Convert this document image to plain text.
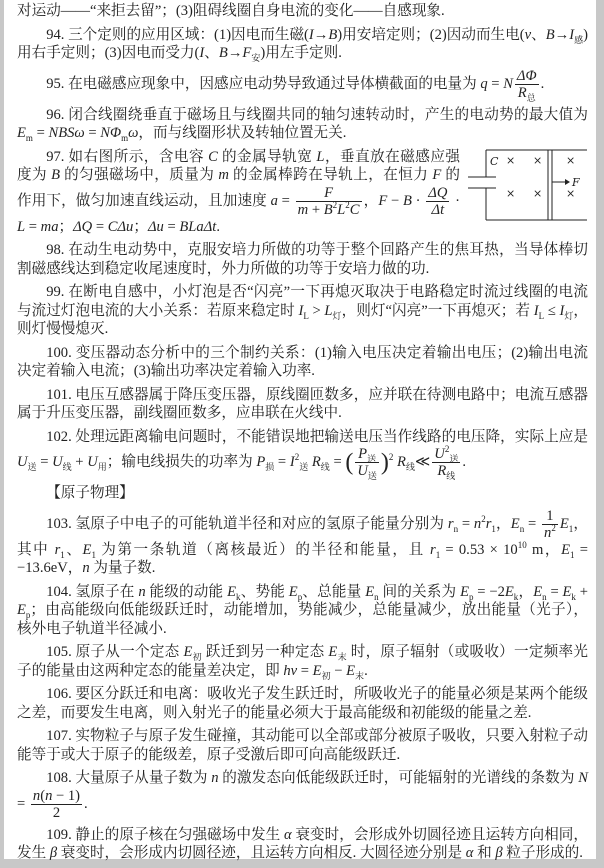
对运动——“来拒去留”；(3)阻碍线圈自身电流的变化——自感现象.

94. 三个定则的应用区域：(1)因电而生磁(I→B)用安培定则；(2)因动而生电(v、$B\to I_感$)用右手定则；(3)因电而受力(I、$B\to F_安$)用左手定则.

95. 在电磁感应现象中，因感应电动势导致通过导体横截面的电量为 q = N $\frac{\Delta\Phi}{R_总}$ .

96. 闭合线圈绕垂直于磁场且与线圈共同的轴匀速转动时，产生的电动势的最大值为 $E_m = NBS\omega = N\Phi_m\omega$，而与线圈形状及转轴位置无关.

C
F
× × ×
× × ×
97. 如右图所示，含电容 C 的金属导轨宽 L，垂直放在磁感应强度为 B 的匀强磁场中，质量为 m 的金属棒跨在导轨上，在恒力 F 的作用下，做匀加速直线运动，且加速度 $a = \frac{F}{m + B^2L^2C}$ ，$F - B \cdot \frac{\Delta Q}{\Delta t} \cdot L$ = ma；ΔQ = CΔu；Δu = BLaΔt.

98. 在动生电动势中，克服安培力所做的功等于整个回路产生的焦耳热，当导体棒切割磁感线达到稳定收尾速度时，外力所做的功等于安培力做的功.

99. 在断电自感中，小灯泡是否“闪亮”一下再熄灭取决于电路稳定时流过线圈的电流与流过灯泡电流的大小关系：若原来稳定时 $I_L > L_灯$，则灯“闪亮”一下再熄灭；若 $I_L \le I_灯$，则灯慢慢熄灭.

100. 变压器动态分析中的三个制约关系：(1)输入电压决定着输出电压；(2)输出电流决定着输入电流；(3)输出功率决定着输入功率.

101. 电压互感器属于降压变压器，原线圈匝数多，应并联在待测电路中；电流互感器属于升压变压器，副线圈匝数多，应串联在火线中.

102. 处理远距离输电问题时，不能错误地把输送电压当作线路的电压降，实际上应是 $U_送 = U_线 + U_用$；输电线损失的功率为 $P_损 = I^2_送$ $R_线$ = ( $\frac{P_送}{U_送} )^2$ $R_线≪ \frac{U^2_送}{R_线}$ .

【原子物理】

103. 氢原子中电子的可能轨道半径和对应的氢原子能量分别为 $r_n = n^2r_1$，$E_n = \frac{1}{n^2} E_1$，其中 $r_1$、$E_1$ 为第一条轨道（离核最近）的半径和能量，且 $r_1 = 0.53 \times 10^{10}$ m，$E_1 = -13.6eV$，n 为量子数.

104. 氢原子在 n 能级的动能 $E_k$、势能 $E_p$、总能量 $E_n$ 间的关系为 $E_p = -2E_k$，$E_n = E_k + E_p$；由高能级向低能级跃迁时，动能增加，势能减少，总能量减少，放出能量（光子），核外电子轨道半径减小.

105. 原子从一个定态 $E_初$ 跃迁到另一种定态 $E_末$ 时，原子辐射（或吸收）一定频率光子的能量由这两种定态的能量差决定，即 $h\nu = E_初 - E_末$.

106. 要区分跃迁和电离：吸收光子发生跃迁时，所吸收光子的能量必须是某两个能级之差，而要发生电离，则入射光子的能量必须大于最高能级和初能级的能量之差.

107. 实物粒子与原子发生碰撞，其动能可以全部或部分被原子吸收，只要入射粒子动能等于或大于原子的能级差，原子受激后即可向高能级跃迁.

108. 大量原子从量子数为 n 的激发态向低能级跃迁时，可能辐射的光谱线的条数为 $N = \frac{n(n - 1)}{2}$ .

109. 静止的原子核在匀强磁场中发生 α 衰变时，会形成外切圆径迹且运转方向相同，发生 β 衰变时，会形成内切圆径迹，且运转方向相反. 大圆径迹分别是 α 和 β 粒子形成的.
